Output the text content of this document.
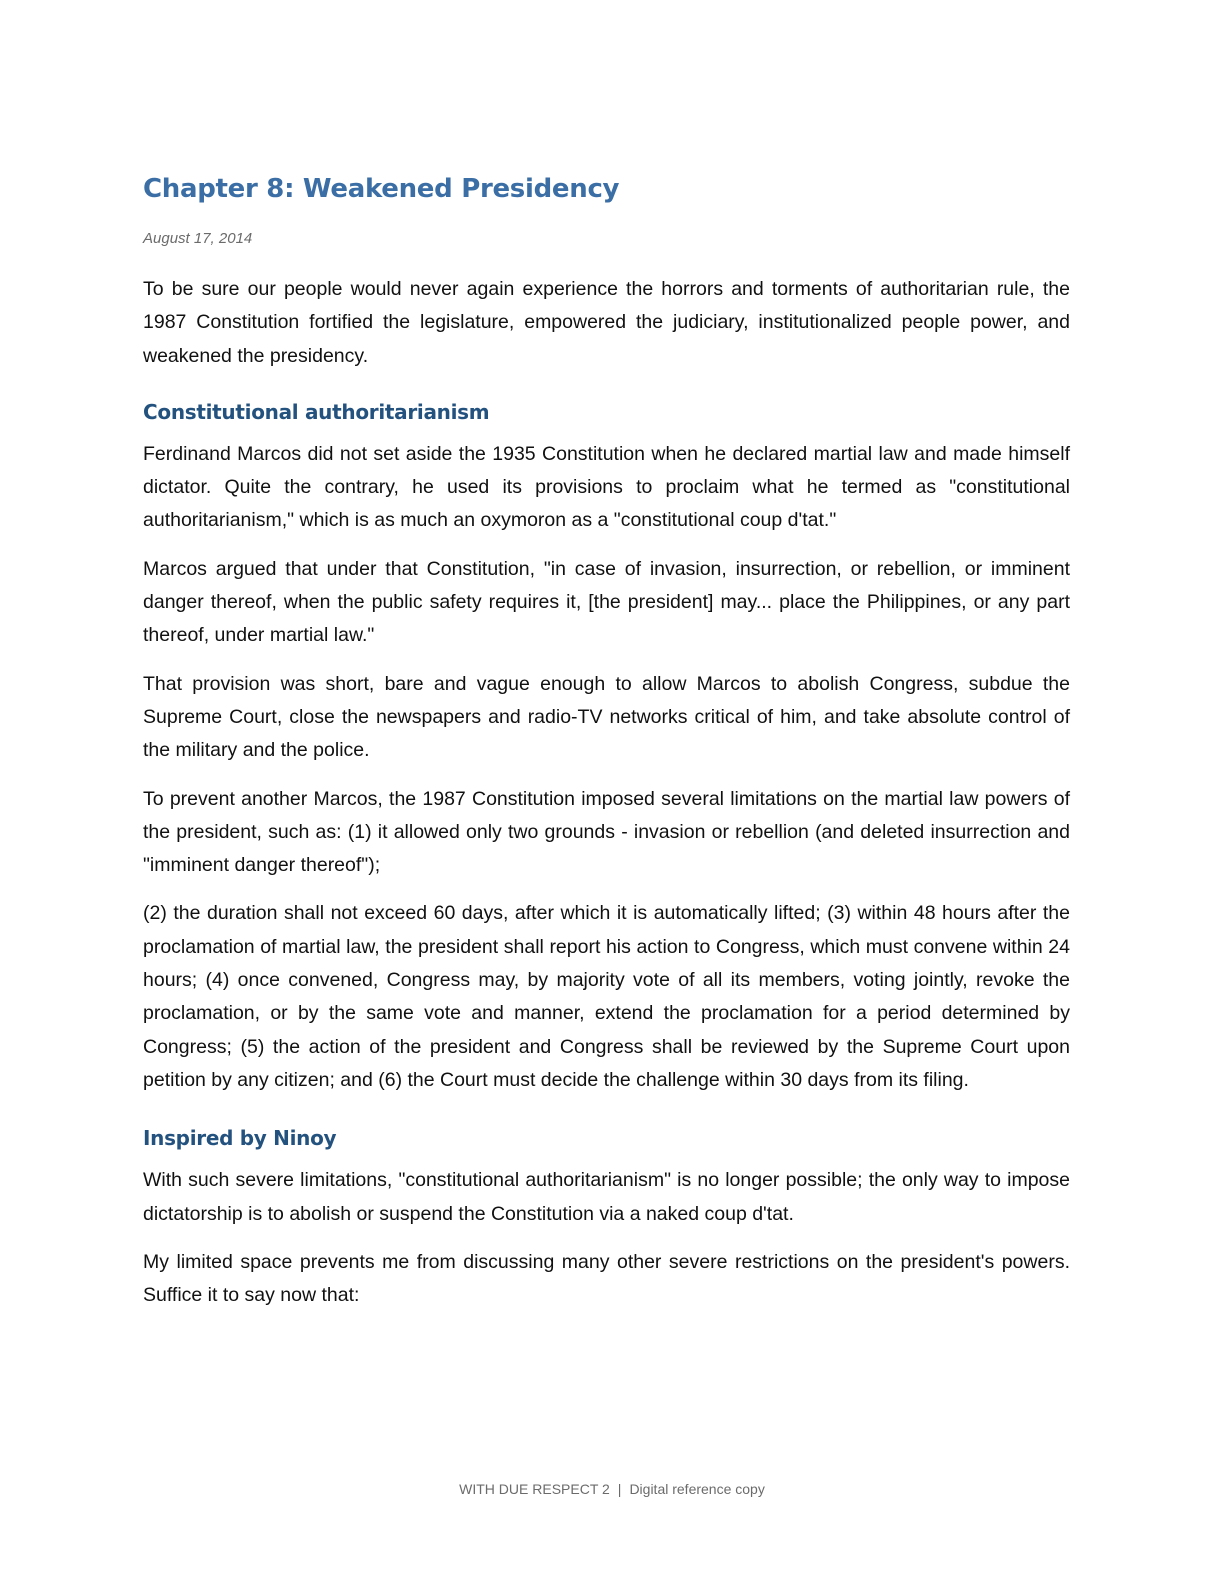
Chapter 8: Weakened Presidency
August 17, 2014

To be sure our people would never again experience the horrors and torments of authoritarian rule, the 1987 Constitution fortified the legislature, empowered the judiciary, institutionalized people power, and weakened the presidency.

Constitutional authoritarianism

Ferdinand Marcos did not set aside the 1935 Constitution when he declared martial law and made himself dictator. Quite the contrary, he used its provisions to proclaim what he termed as "constitutional authoritarianism," which is as much an oxymoron as a "constitutional coup d'tat."

Marcos argued that under that Constitution, "in case of invasion, insurrection, or rebellion, or imminent danger thereof, when the public safety requires it, [the president] may... place the Philippines, or any part thereof, under martial law."

That provision was short, bare and vague enough to allow Marcos to abolish Congress, subdue the Supreme Court, close the newspapers and radio-TV networks critical of him, and take absolute control of the military and the police.

To prevent another Marcos, the 1987 Constitution imposed several limitations on the martial law powers of the president, such as: (1) it allowed only two grounds - invasion or rebellion (and deleted insurrection and "imminent danger thereof");

(2) the duration shall not exceed 60 days, after which it is automatically lifted; (3) within 48 hours after the proclamation of martial law, the president shall report his action to Congress, which must convene within 24 hours; (4) once convened, Congress may, by majority vote of all its members, voting jointly, revoke the proclamation, or by the same vote and manner, extend the proclamation for a period determined by Congress; (5) the action of the president and Congress shall be reviewed by the Supreme Court upon petition by any citizen; and (6) the Court must decide the challenge within 30 days from its filing.

Inspired by Ninoy

With such severe limitations, "constitutional authoritarianism" is no longer possible; the only way to impose dictatorship is to abolish or suspend the Constitution via a naked coup d'tat.

My limited space prevents me from discussing many other severe restrictions on the president's powers. Suffice it to say now that:

WITH DUE RESPECT 2 | Digital reference copy
